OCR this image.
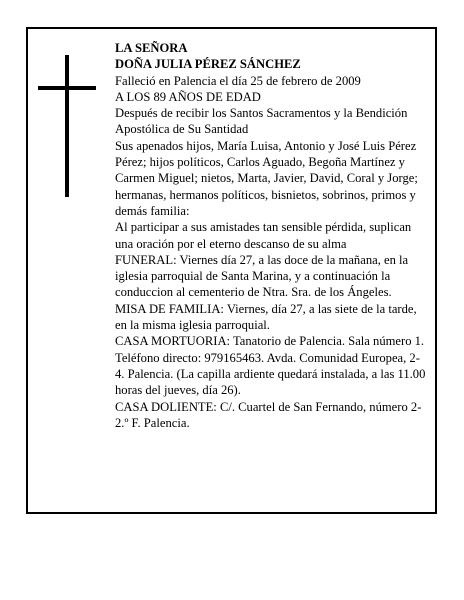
LA SEÑORA

DOÑA JULIA PÉREZ SÁNCHEZ

Falleció en Palencia el día 25 de febrero de 2009

A LOS 89 AÑOS DE EDAD

Después de recibir los Santos Sacramentos y la Bendición Apostólica de Su Santidad

Sus apenados hijos, María Luisa, Antonio y José Luis Pérez Pérez; hijos políticos, Carlos Aguado, Begoña Martínez y Carmen Miguel; nietos, Marta, Javier, David, Coral y Jorge; hermanas, hermanos políticos, bisnietos, sobrinos, primos y demás familia:

Al participar a sus amistades tan sensible pérdida, suplican una oración por el eterno descanso de su alma

FUNERAL: Viernes día 27, a las doce de la mañana, en la iglesia parroquial de Santa Marina, y a continuación la conduccion al cementerio de Ntra. Sra. de los Ángeles.

MISA DE FAMILIA: Viernes, día 27, a las siete de la tarde, en la misma iglesia parroquial.

CASA MORTUORIA: Tanatorio de Palencia. Sala número 1. Teléfono directo: 979165463. Avda. Comunidad Europea, 2-4. Palencia. (La capilla ardiente quedará instalada, a las 11.00 horas del jueves, día 26).

CASA DOLIENTE: C/. Cuartel de San Fernando, número 2-2.º F. Palencia.
